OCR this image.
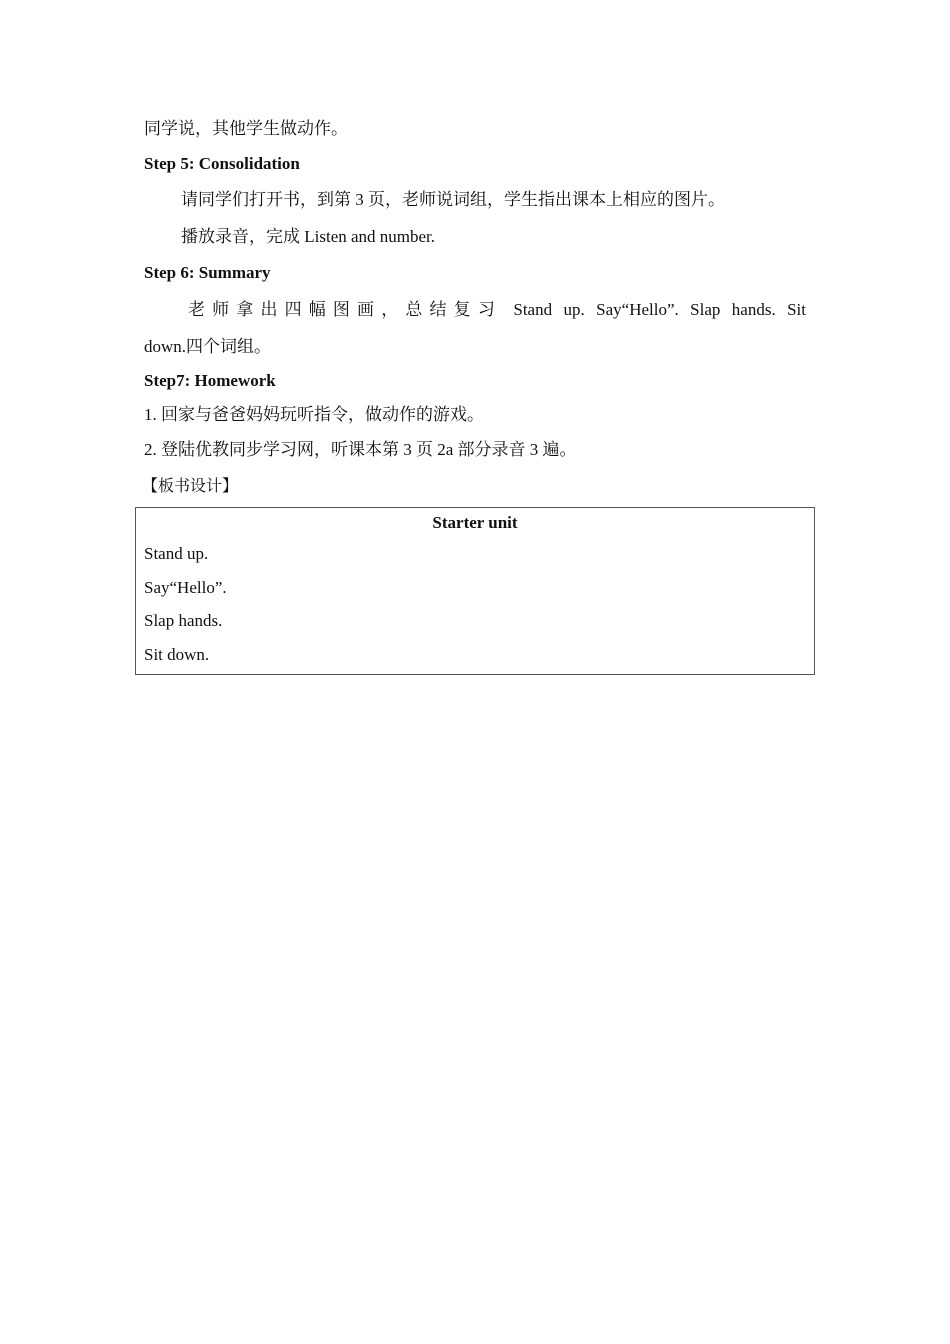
同学说，其他学生做动作。
Step 5: Consolidation
请同学们打开书，到第 3 页，老师说词组，学生指出课本上相应的图片。
播放录音，完成 Listen and number.
Step 6: Summary
老师拿出四幅图画，总结复习 Stand up. Say“Hello”. Slap hands. Sit
down.四个词组。
Step7: Homework
1. 回家与爸爸妈妈玩听指令，做动作的游戏。
2. 登陆优教同步学习网，听课本第 3 页 2a 部分录音 3 遍。
【板书设计】
Starter unit
Stand up.
Say“Hello”.
Slap hands.
Sit down.
